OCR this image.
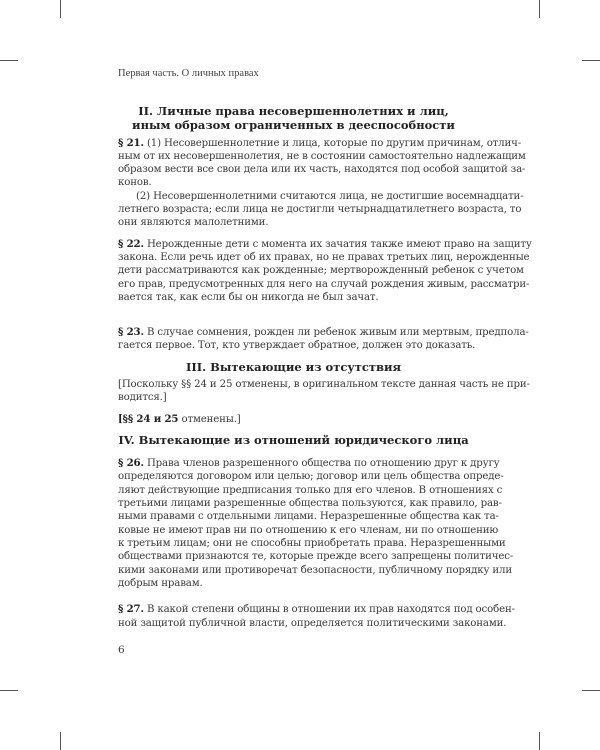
Первая часть. О личных правах
II. Личные права несовершеннолетних и лиц,
иным образом ограниченных в дееспособности
§ 21. (1) Несовершеннолетние и лица, которые по другим причинам, отлич-
ным от их несовершеннолетия, не в состоянии самостоятельно надлежащим
образом вести все свои дела или их часть, находятся под особой защитой за-
конов.
(2) Несовершеннолетними считаются лица, не достигшие восемнадцати-
летнего возраста; если лица не достигли четырнадцатилетнего возраста, то
они являются малолетними.
§ 22. Нерожденные дети с момента их зачатия также имеют право на защиту
закона. Если речь идет об их правах, но не правах третьих лиц, нерожденные
дети рассматриваются как рожденные; мертворожденный ребенок с учетом
его прав, предусмотренных для него на случай рождения живым, рассматри-
вается так, как если бы он никогда не был зачат.
§ 23. В случае сомнения, рожден ли ребенок живым или мертвым, предпола-
гается первое. Тот, кто утверждает обратное, должен это доказать.
III. Вытекающие из отсутствия
[Поскольку §§ 24 и 25 отменены, в оригинальном тексте данная часть не при-
водится.]
[§§ 24 и 25 отменены.]
IV. Вытекающие из отношений юридического лица
§ 26. Права членов разрешенного общества по отношению друг к другу
определяются договором или целью; договор или цель общества опреде-
ляют действующие предписания только для его членов. В отношениях с
третьими лицами разрешенные общества пользуются, как правило, рав-
ными правами с отдельными лицами. Неразрешенные общества как та-
ковые не имеют прав ни по отношению к его членам, ни по отношению
к третьим лицам; они не способны приобретать права. Неразрешенными
обществами признаются те, которые прежде всего запрещены политичес-
кими законами или противоречат безопасности, публичному порядку или
добрым нравам.
§ 27. В какой степени общины в отношении их прав находятся под особен-
ной защитой публичной власти, определяется политическими законами.
6
